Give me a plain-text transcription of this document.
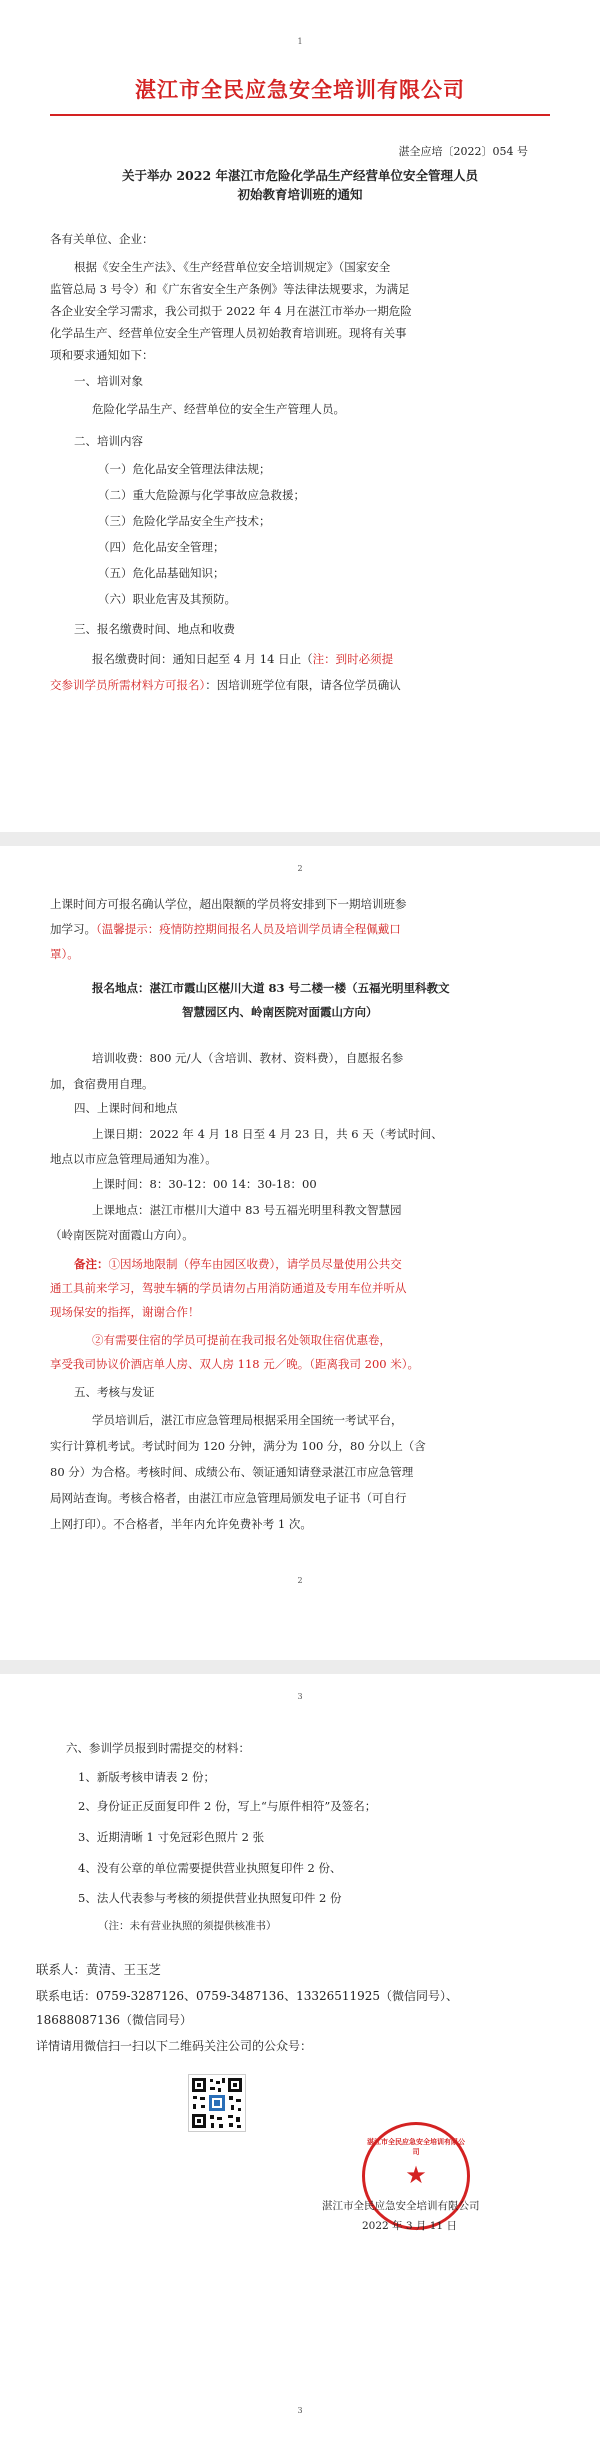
1
湛江市全民应急安全培训有限公司
湛全应培〔2022〕054 号
关于举办 2022 年湛江市危险化学品生产经营单位安全管理人员
初始教育培训班的通知
各有关单位、企业：
根据《安全生产法》、《生产经营单位安全培训规定》（国家安全
监管总局 3 号令）和《广东省安全生产条例》等法律法规要求，为满足
各企业安全学习需求，我公司拟于 2022 年 4 月在湛江市举办一期危险
化学品生产、经营单位安全生产管理人员初始教育培训班。现将有关事
项和要求通知如下：
一、培训对象
危险化学品生产、经营单位的安全生产管理人员。
二、培训内容
（一）危化品安全管理法律法规；
（二）重大危险源与化学事故应急救援；
（三）危险化学品安全生产技术；
（四）危化品安全管理；
（五）危化品基础知识；
（六）职业危害及其预防。
三、报名缴费时间、地点和收费
报名缴费时间：通知日起至 4 月 14 日止（注：到时必须提
交参训学员所需材料方可报名）：因培训班学位有限，请各位学员确认
2
上课时间方可报名确认学位，超出限额的学员将安排到下一期培训班参
加学习。（温馨提示：疫情防控期间报名人员及培训学员请全程佩戴口
罩）。
报名地点：湛江市霞山区椹川大道 83 号二楼一楼（五福光明里科教文
智慧园区内、岭南医院对面霞山方向）
培训收费：800 元/人（含培训、教材、资料费），自愿报名参
加，食宿费用自理。
四、上课时间和地点
上课日期：2022 年 4 月 18 日至 4 月 23 日，共 6 天（考试时间、
地点以市应急管理局通知为准）。
上课时间：8：30-12：00 14：30-18：00
上课地点：湛江市椹川大道中 83 号五福光明里科教文智慧园
（岭南医院对面霞山方向）。
备注：①因场地限制（停车由园区收费），请学员尽量使用公共交
通工具前来学习，驾驶车辆的学员请勿占用消防通道及专用车位并听从
现场保安的指挥，谢谢合作！
②有需要住宿的学员可提前在我司报名处领取住宿优惠卷，
享受我司协议价酒店单人房、双人房 118 元／晚。（距离我司 200 米）。
五、考核与发证
学员培训后，湛江市应急管理局根据采用全国统一考试平台，
实行计算机考试。考试时间为 120 分钟，满分为 100 分，80 分以上（含
80 分）为合格。考核时间、成绩公布、领证通知请登录湛江市应急管理
局网站查询。考核合格者，由湛江市应急管理局颁发电子证书（可自行
上网打印）。不合格者，半年内允许免费补考 1 次。
2
3
六、参训学员报到时需提交的材料：
1、新版考核申请表 2 份；
2、身份证正反面复印件 2 份，写上“与原件相符”及签名；
3、近期清晰 1 寸免冠彩色照片 2 张
4、没有公章的单位需要提供营业执照复印件 2 份、
5、法人代表参与考核的须提供营业执照复印件 2 份
（注：未有营业执照的须提供核准书）
联系人：黄清、王玉芝
联系电话：0759-3287126、0759-3487136、13326511925（微信同号）、
18688087136（微信同号）
详情请用微信扫一扫以下二维码关注公司的公众号：
湛江市全民应急安全培训有限公司
★
湛江市全民应急安全培训有限公司
2022 年 3 月 11 日
3
